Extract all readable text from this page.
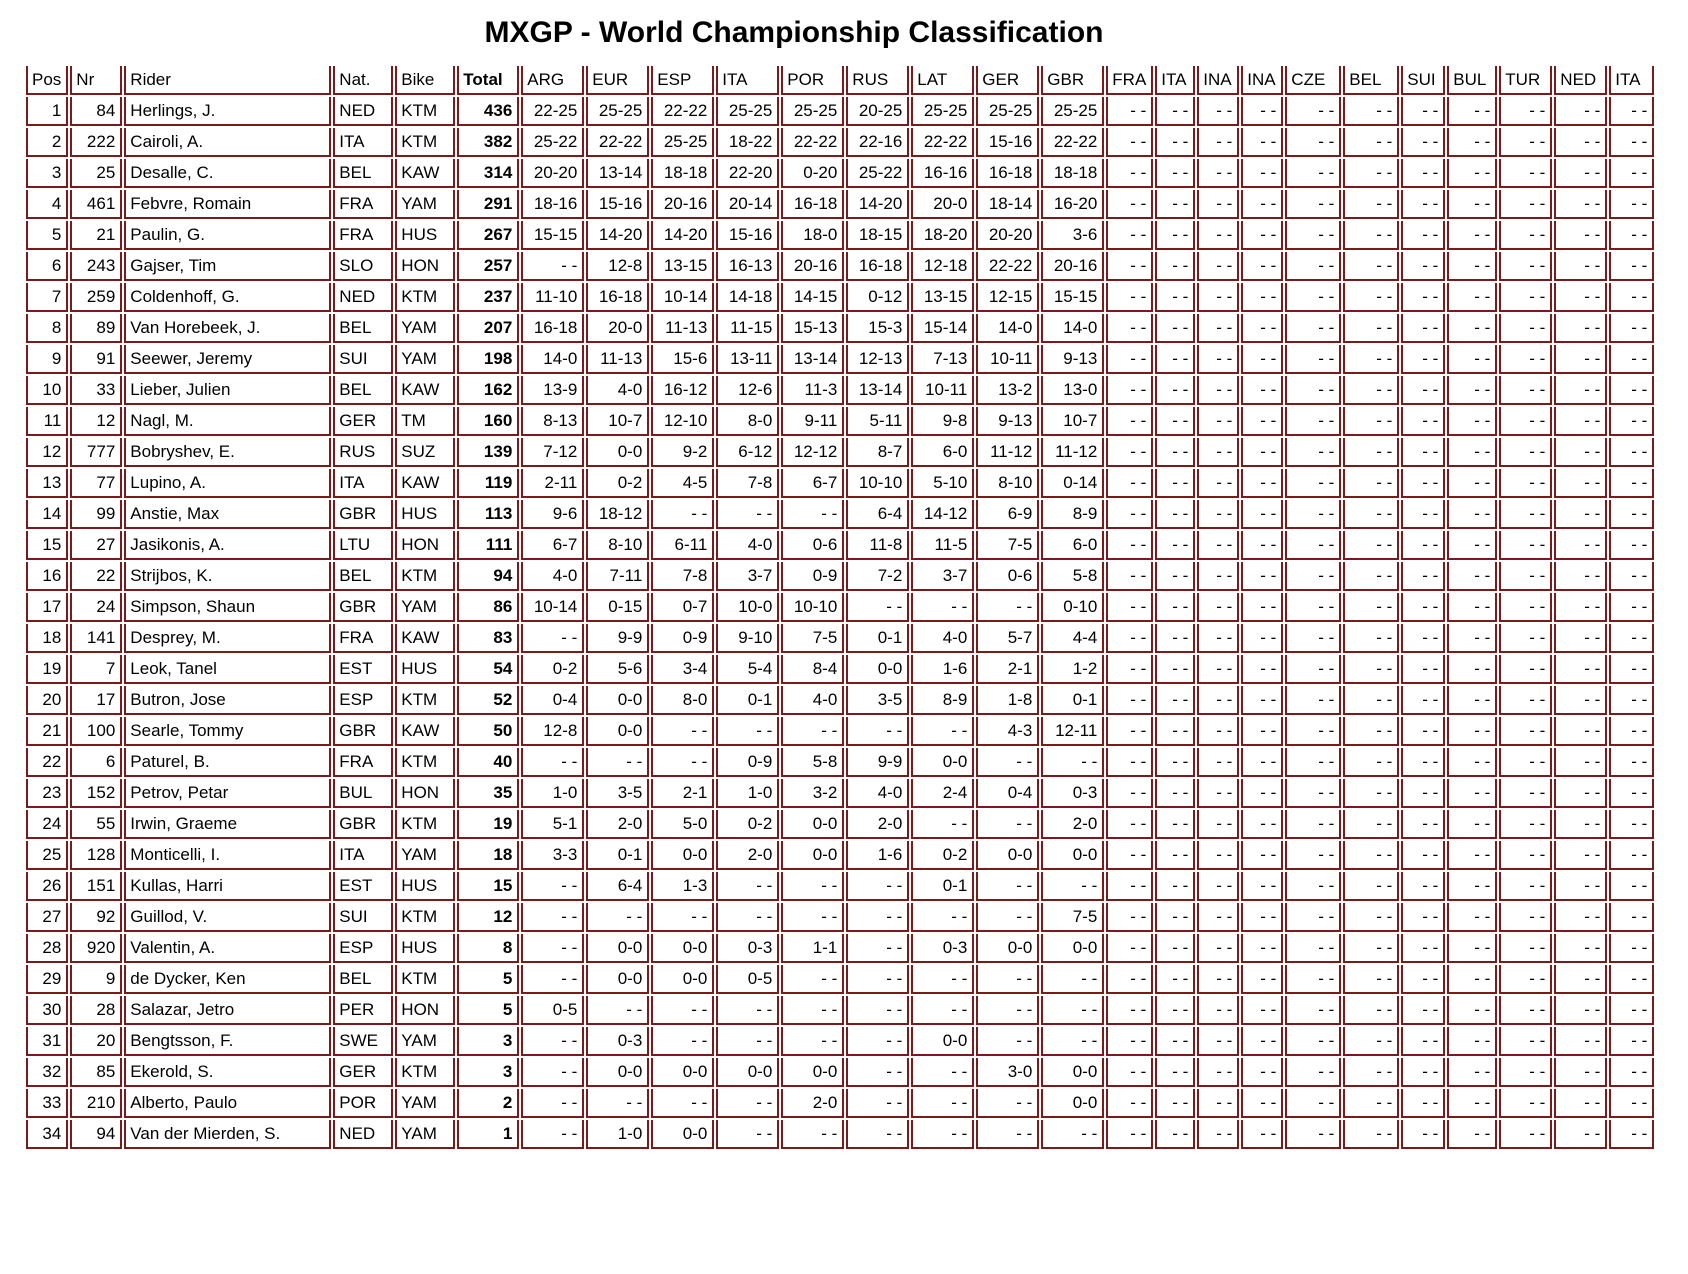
MXGP - World Championship Classification
Pos	Nr	Rider	Nat.	Bike	Total	ARG	EUR	ESP	ITA	POR	RUS	LAT	GER	GBR	FRA	ITA	INA	INA	CZE	BEL	SUI	BUL	TUR	NED	ITA
1	84	Herlings, J.	NED	KTM	436	22-25	25-25	22-22	25-25	25-25	20-25	25-25	25-25	25-25	- -	- -	- -	- -	- -	- -	- -	- -	- -	- -	- -
2	222	Cairoli, A.	ITA	KTM	382	25-22	22-22	25-25	18-22	22-22	22-16	22-22	15-16	22-22	- -	- -	- -	- -	- -	- -	- -	- -	- -	- -	- -
3	25	Desalle, C.	BEL	KAW	314	20-20	13-14	18-18	22-20	0-20	25-22	16-16	16-18	18-18	- -	- -	- -	- -	- -	- -	- -	- -	- -	- -	- -
4	461	Febvre, Romain	FRA	YAM	291	18-16	15-16	20-16	20-14	16-18	14-20	20-0	18-14	16-20	- -	- -	- -	- -	- -	- -	- -	- -	- -	- -	- -
5	21	Paulin, G.	FRA	HUS	267	15-15	14-20	14-20	15-16	18-0	18-15	18-20	20-20	3-6	- -	- -	- -	- -	- -	- -	- -	- -	- -	- -	- -
6	243	Gajser, Tim	SLO	HON	257	- -	12-8	13-15	16-13	20-16	16-18	12-18	22-22	20-16	- -	- -	- -	- -	- -	- -	- -	- -	- -	- -	- -
7	259	Coldenhoff, G.	NED	KTM	237	11-10	16-18	10-14	14-18	14-15	0-12	13-15	12-15	15-15	- -	- -	- -	- -	- -	- -	- -	- -	- -	- -	- -
8	89	Van Horebeek, J.	BEL	YAM	207	16-18	20-0	11-13	11-15	15-13	15-3	15-14	14-0	14-0	- -	- -	- -	- -	- -	- -	- -	- -	- -	- -	- -
9	91	Seewer, Jeremy	SUI	YAM	198	14-0	11-13	15-6	13-11	13-14	12-13	7-13	10-11	9-13	- -	- -	- -	- -	- -	- -	- -	- -	- -	- -	- -
10	33	Lieber, Julien	BEL	KAW	162	13-9	4-0	16-12	12-6	11-3	13-14	10-11	13-2	13-0	- -	- -	- -	- -	- -	- -	- -	- -	- -	- -	- -
11	12	Nagl, M.	GER	TM	160	8-13	10-7	12-10	8-0	9-11	5-11	9-8	9-13	10-7	- -	- -	- -	- -	- -	- -	- -	- -	- -	- -	- -
12	777	Bobryshev, E.	RUS	SUZ	139	7-12	0-0	9-2	6-12	12-12	8-7	6-0	11-12	11-12	- -	- -	- -	- -	- -	- -	- -	- -	- -	- -	- -
13	77	Lupino, A.	ITA	KAW	119	2-11	0-2	4-5	7-8	6-7	10-10	5-10	8-10	0-14	- -	- -	- -	- -	- -	- -	- -	- -	- -	- -	- -
14	99	Anstie, Max	GBR	HUS	113	9-6	18-12	- -	- -	- -	6-4	14-12	6-9	8-9	- -	- -	- -	- -	- -	- -	- -	- -	- -	- -	- -
15	27	Jasikonis, A.	LTU	HON	111	6-7	8-10	6-11	4-0	0-6	11-8	11-5	7-5	6-0	- -	- -	- -	- -	- -	- -	- -	- -	- -	- -	- -
16	22	Strijbos, K.	BEL	KTM	94	4-0	7-11	7-8	3-7	0-9	7-2	3-7	0-6	5-8	- -	- -	- -	- -	- -	- -	- -	- -	- -	- -	- -
17	24	Simpson, Shaun	GBR	YAM	86	10-14	0-15	0-7	10-0	10-10	- -	- -	- -	0-10	- -	- -	- -	- -	- -	- -	- -	- -	- -	- -	- -
18	141	Desprey, M.	FRA	KAW	83	- -	9-9	0-9	9-10	7-5	0-1	4-0	5-7	4-4	- -	- -	- -	- -	- -	- -	- -	- -	- -	- -	- -
19	7	Leok, Tanel	EST	HUS	54	0-2	5-6	3-4	5-4	8-4	0-0	1-6	2-1	1-2	- -	- -	- -	- -	- -	- -	- -	- -	- -	- -	- -
20	17	Butron, Jose	ESP	KTM	52	0-4	0-0	8-0	0-1	4-0	3-5	8-9	1-8	0-1	- -	- -	- -	- -	- -	- -	- -	- -	- -	- -	- -
21	100	Searle, Tommy	GBR	KAW	50	12-8	0-0	- -	- -	- -	- -	- -	4-3	12-11	- -	- -	- -	- -	- -	- -	- -	- -	- -	- -	- -
22	6	Paturel, B.	FRA	KTM	40	- -	- -	- -	0-9	5-8	9-9	0-0	- -	- -	- -	- -	- -	- -	- -	- -	- -	- -	- -	- -	- -
23	152	Petrov, Petar	BUL	HON	35	1-0	3-5	2-1	1-0	3-2	4-0	2-4	0-4	0-3	- -	- -	- -	- -	- -	- -	- -	- -	- -	- -	- -
24	55	Irwin, Graeme	GBR	KTM	19	5-1	2-0	5-0	0-2	0-0	2-0	- -	- -	2-0	- -	- -	- -	- -	- -	- -	- -	- -	- -	- -	- -
25	128	Monticelli, I.	ITA	YAM	18	3-3	0-1	0-0	2-0	0-0	1-6	0-2	0-0	0-0	- -	- -	- -	- -	- -	- -	- -	- -	- -	- -	- -
26	151	Kullas, Harri	EST	HUS	15	- -	6-4	1-3	- -	- -	- -	0-1	- -	- -	- -	- -	- -	- -	- -	- -	- -	- -	- -	- -	- -
27	92	Guillod, V.	SUI	KTM	12	- -	- -	- -	- -	- -	- -	- -	- -	7-5	- -	- -	- -	- -	- -	- -	- -	- -	- -	- -	- -
28	920	Valentin, A.	ESP	HUS	8	- -	0-0	0-0	0-3	1-1	- -	0-3	0-0	0-0	- -	- -	- -	- -	- -	- -	- -	- -	- -	- -	- -
29	9	de Dycker, Ken	BEL	KTM	5	- -	0-0	0-0	0-5	- -	- -	- -	- -	- -	- -	- -	- -	- -	- -	- -	- -	- -	- -	- -	- -
30	28	Salazar, Jetro	PER	HON	5	0-5	- -	- -	- -	- -	- -	- -	- -	- -	- -	- -	- -	- -	- -	- -	- -	- -	- -	- -	- -
31	20	Bengtsson, F.	SWE	YAM	3	- -	0-3	- -	- -	- -	- -	0-0	- -	- -	- -	- -	- -	- -	- -	- -	- -	- -	- -	- -	- -
32	85	Ekerold, S.	GER	KTM	3	- -	0-0	0-0	0-0	0-0	- -	- -	3-0	0-0	- -	- -	- -	- -	- -	- -	- -	- -	- -	- -	- -
33	210	Alberto, Paulo	POR	YAM	2	- -	- -	- -	- -	2-0	- -	- -	- -	0-0	- -	- -	- -	- -	- -	- -	- -	- -	- -	- -	- -
34	94	Van der Mierden, S.	NED	YAM	1	- -	1-0	0-0	- -	- -	- -	- -	- -	- -	- -	- -	- -	- -	- -	- -	- -	- -	- -	- -	- -
